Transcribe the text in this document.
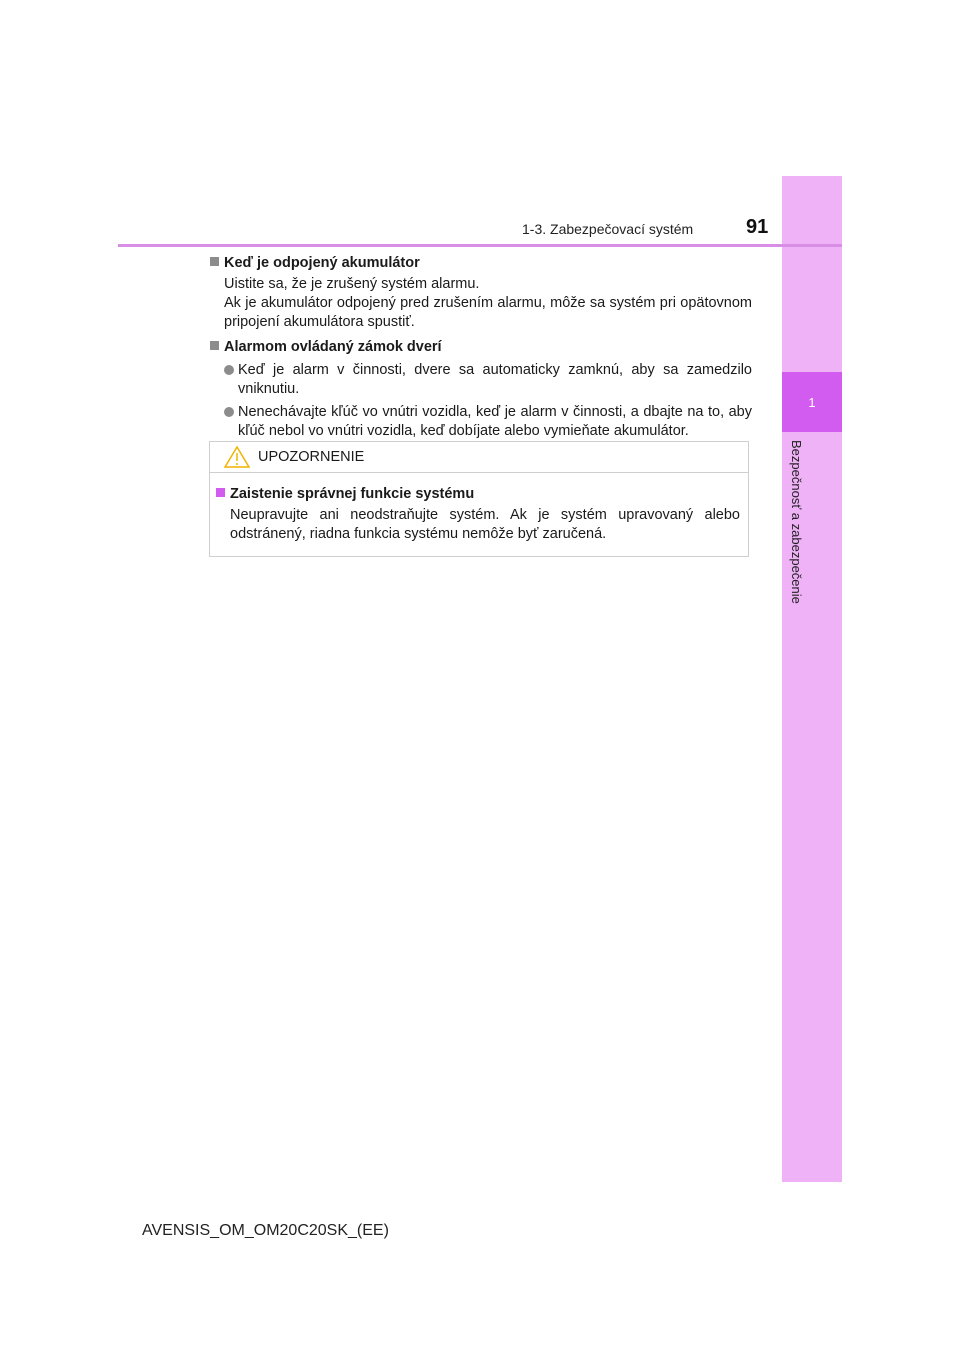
1
Bezpečnosť a zabezpečenie
1-3. Zabezpečovací systém	91

Keď je odpojený akumulátor

Uistite sa, že je zrušený systém alarmu.
Ak je akumulátor odpojený pred zrušením alarmu, môže sa systém pri opätovnom pripojení akumulátora spustiť.

Alarmom ovládaný zámok dverí

Keď je alarm v činnosti, dvere sa automaticky zamknú, aby sa zamedzilo vniknutiu.
Nenechávajte kľúč vo vnútri vozidla, keď je alarm v činnosti, a dbajte na to, aby kľúč nebol vo vnútri vozidla, keď dobíjate alebo vymieňate akumulátor.
UPOZORNENIE

Zaistenie správnej funkcie systému

Neupravujte ani neodstraňujte systém. Ak je systém upravovaný alebo odstránený, riadna funkcia systému nemôže byť zaručená.
AVENSIS_OM_OM20C20SK_(EE)
